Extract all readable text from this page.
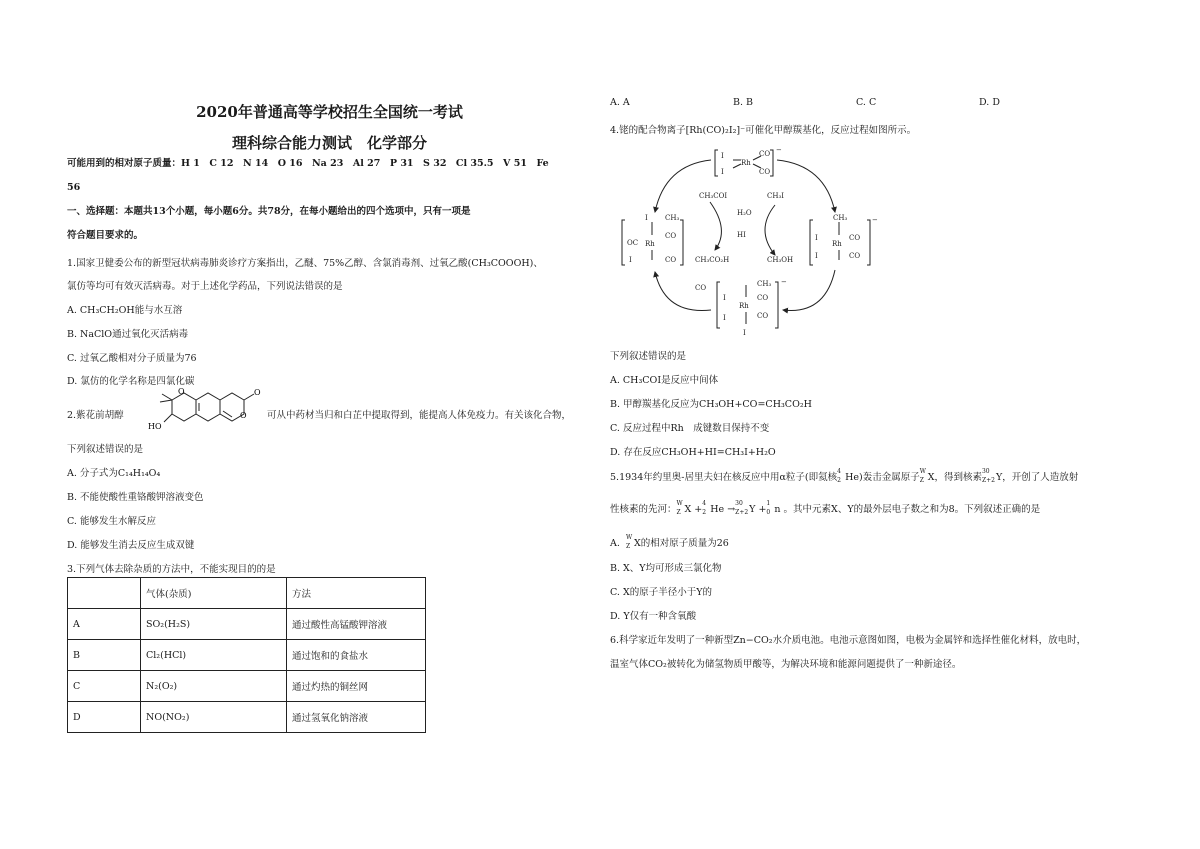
2020年普通高等学校招生全国统一考试

理科综合能力测试　化学部分

可能用到的相对原子质量：H 1　C 12　N 14　O 16　Na 23　Al 27　P 31　S 32　Cl 35.5　V 51　Fe
56
一、选择题：本题共13个小题，每小题6分。共78分，在每小题给出的四个选项中，只有一项是
符合题目要求的。
1.国家卫健委公布的新型冠状病毒肺炎诊疗方案指出，乙醚、75%乙醇、含氯消毒剂、过氧乙酸(CH₃COOOH)、
氯仿等均可有效灭活病毒。对于上述化学药品，下列说法错误的是
A. CH₃CH₂OH能与水互溶
B. NaClO通过氧化灭活病毒
C. 过氧乙酸相对分子质量为76
D. 氯仿的化学名称是四氯化碳
2.紫花前胡醇
O
O
O
HO
可从中药材当归和白芷中提取得到，能提高人体免疫力。有关该化合物，
下列叙述错误的是
A. 分子式为C₁₄H₁₄O₄
B. 不能使酸性重铬酸钾溶液变色
C. 能够发生水解反应
D. 能够发生消去反应生成双键
3.下列气体去除杂质的方法中，不能实现目的的是
	气体(杂质)	方法
A	SO₂(H₂S)	通过酸性高锰酸钾溶液
B	Cl₂(HCl)	通过饱和的食盐水
C	N₂(O₂)	通过灼热的铜丝网
D	NO(NO₂)	通过氢氧化钠溶液
A. A	B. B	C. C	D. D
4.铑的配合物离子[Rh(CO)₂I₂]⁻可催化甲醇羰基化，反应过程如图所示。
I
I
Rh
CO
CO
−
I
OC Rh
CH₃
CO
CO
I
CH₃
I
Rh
CO
I	CO
−
CH₃
I
Rh
CO
I	CO
I
−
CH₃COI
H₂O
CH₃I
HI
CH₃CO₂H	CH₃OH
CO
下列叙述错误的是
A. CH₃COI是反应中间体
B. 甲醇羰基化反应为CH₃OH+CO=CH₃CO₂H
C. 反应过程中Rh　成键数目保持不变
D. 存在反应CH₃OH+HI=CH₃I+H₂O
5.1934年约里奥-居里夫妇在核反应中用α粒子(即氦核
4
2 He)轰击金属原子
W
Z X，得到核素
30
Z+2 Y，开创了人造放射
性核素的先河：
W
Z X +
4
2 He →
30
Z+2 Y +
1
0 n 。其中元素X、Y的最外层电子数之和为8。下列叙述正确的是
A.
W
Z X的相对原子质量为26
B. X、Y均可形成三氯化物
C. X的原子半径小于Y的
D. Y仅有一种含氧酸
6.科学家近年发明了一种新型Zn−CO₂水介质电池。电池示意图如图，电极为金属锌和选择性催化材料，放电时，
温室气体CO₂被转化为储氢物质甲酸等，为解决环境和能源问题提供了一种新途径。
